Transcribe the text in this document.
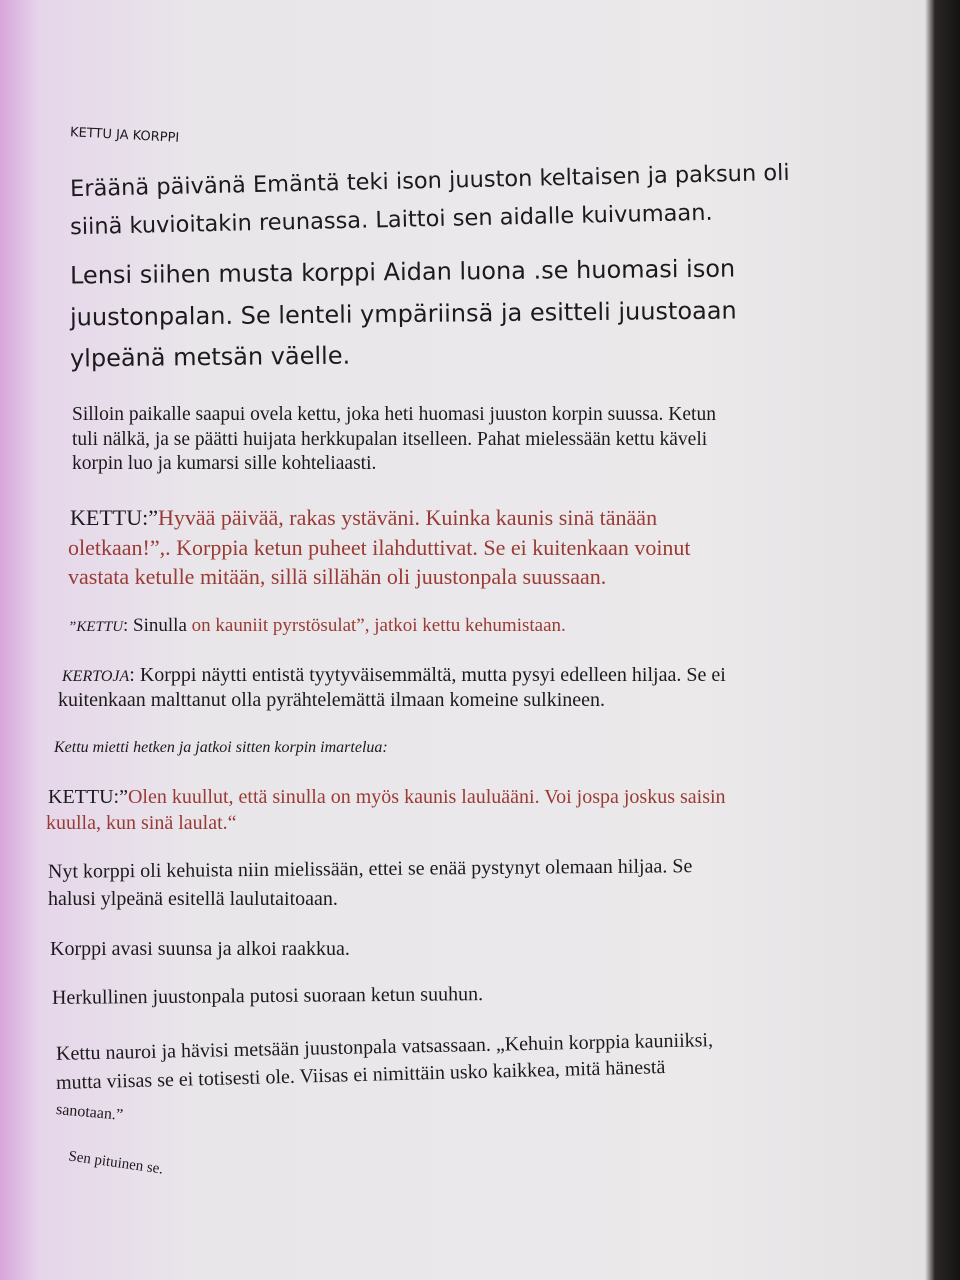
KETTU JA KORPPI

Eräänä päivänä Emäntä teki ison juuston keltaisen ja paksun oli

siinä kuvioitakin reunassa. Laittoi sen aidalle kuivumaan.

Lensi siihen musta korppi Aidan luona .se huomasi ison

juustonpalan. Se lenteli ympäriinsä ja esitteli juustoaan

ylpeänä metsän väelle.

Silloin paikalle saapui ovela kettu, joka heti huomasi juuston korpin suussa. Ketun

tuli nälkä, ja se päätti huijata herkkupalan itselleen. Pahat mielessään kettu käveli

korpin luo ja kumarsi sille kohteliaasti.

KETTU:”Hyvää päivää, rakas ystäväni. Kuinka kaunis sinä tänään

oletkaan!”,. Korppia ketun puheet ilahduttivat. Se ei kuitenkaan voinut

vastata ketulle mitään, sillä sillähän oli juustonpala suussaan.

”KETTU: Sinulla on kauniit pyrstösulat”, jatkoi kettu kehumistaan.

KERTOJA: Korppi näytti entistä tyytyväisemmältä, mutta pysyi edelleen hiljaa. Se ei

kuitenkaan malttanut olla pyrähtelemättä ilmaan komeine sulkineen.

Kettu mietti hetken ja jatkoi sitten korpin imartelua:

KETTU:”Olen kuullut, että sinulla on myös kaunis lauluääni. Voi jospa joskus saisin

kuulla, kun sinä laulat.“

Nyt korppi oli kehuista niin mielissään, ettei se enää pystynyt olemaan hiljaa. Se

halusi ylpeänä esitellä laulutaitoaan.

Korppi avasi suunsa ja alkoi raakkua.

Herkullinen juustonpala putosi suoraan ketun suuhun.

Kettu nauroi ja hävisi metsään juustonpala vatsassaan. „Kehuin korppia kauniiksi,

mutta viisas se ei totisesti ole. Viisas ei nimittäin usko kaikkea, mitä hänestä

sanotaan.”

Sen pituinen se.
